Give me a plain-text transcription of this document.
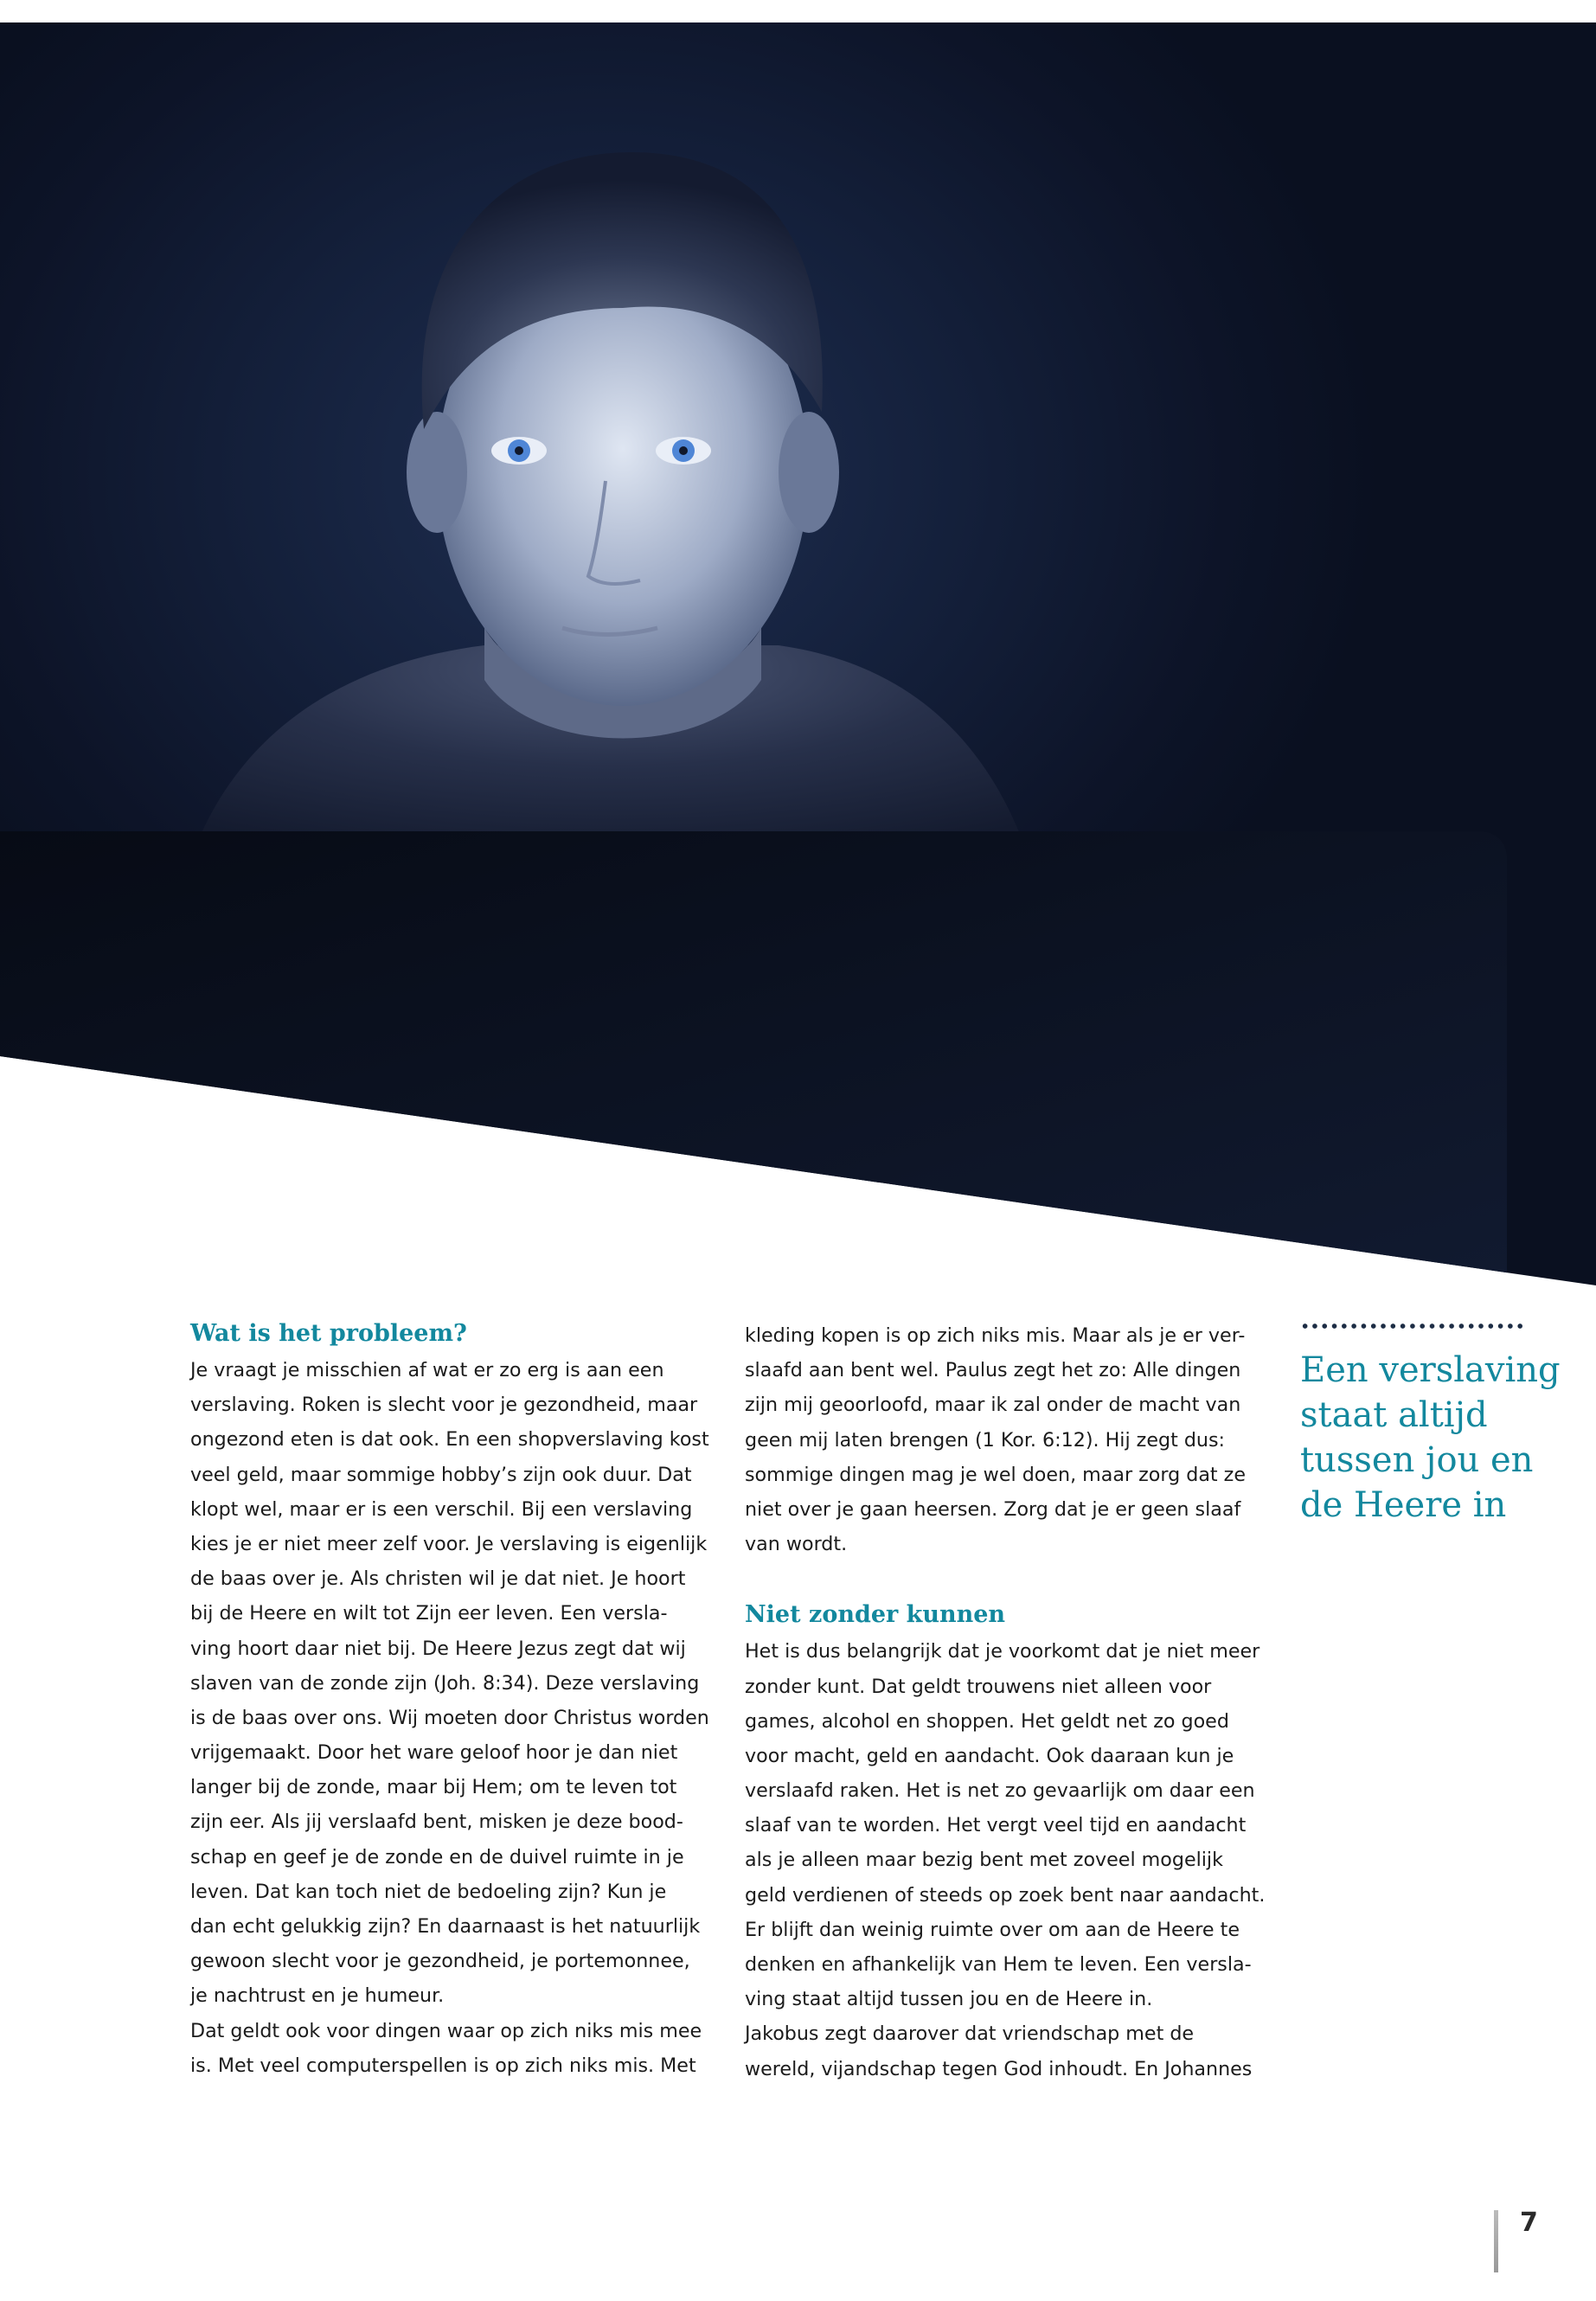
Wat is het probleem?
Je vraagt je misschien af wat er zo erg is aan een
verslaving. Roken is slecht voor je gezondheid, maar
ongezond eten is dat ook. En een shopverslaving kost
veel geld, maar sommige hobby’s zijn ook duur. Dat
klopt wel, maar er is een verschil. Bij een verslaving
kies je er niet meer zelf voor. Je verslaving is eigenlijk
de baas over je. Als christen wil je dat niet. Je hoort
bij de Heere en wilt tot Zijn eer leven. Een versla-
ving hoort daar niet bij. De Heere Jezus zegt dat wij
slaven van de zonde zijn (Joh. 8:34). Deze verslaving
is de baas over ons. Wij moeten door Christus worden
vrijgemaakt. Door het ware geloof hoor je dan niet
langer bij de zonde, maar bij Hem; om te leven tot
zijn eer. Als jij verslaafd bent, misken je deze bood-
schap en geef je de zonde en de duivel ruimte in je
leven. Dat kan toch niet de bedoeling zijn? Kun je
dan echt gelukkig zijn? En daarnaast is het natuurlijk
gewoon slecht voor je gezondheid, je portemonnee,
je nachtrust en je humeur.
Dat geldt ook voor dingen waar op zich niks mis mee
is. Met veel computerspellen is op zich niks mis. Met
kleding kopen is op zich niks mis. Maar als je er ver-
slaafd aan bent wel. Paulus zegt het zo: Alle dingen
zijn mij geoorloofd, maar ik zal onder de macht van
geen mij laten brengen (1 Kor. 6:12). Hij zegt dus:
sommige dingen mag je wel doen, maar zorg dat ze
niet over je gaan heersen. Zorg dat je er geen slaaf
van wordt.
Niet zonder kunnen
Het is dus belangrijk dat je voorkomt dat je niet meer
zonder kunt. Dat geldt trouwens niet alleen voor
games, alcohol en shoppen. Het geldt net zo goed
voor macht, geld en aandacht. Ook daaraan kun je
verslaafd raken. Het is net zo gevaarlijk om daar een
slaaf van te worden. Het vergt veel tijd en aandacht
als je alleen maar bezig bent met zoveel mogelijk
geld verdienen of steeds op zoek bent naar aandacht.
Er blijft dan weinig ruimte over om aan de Heere te
denken en afhankelijk van Hem te leven. Een versla-
ving staat altijd tussen jou en de Heere in.
Jakobus zegt daarover dat vriendschap met de
wereld, vijandschap tegen God inhoudt. En Johannes
Een verslaving
staat altijd
tussen jou en
de Heere in
7
